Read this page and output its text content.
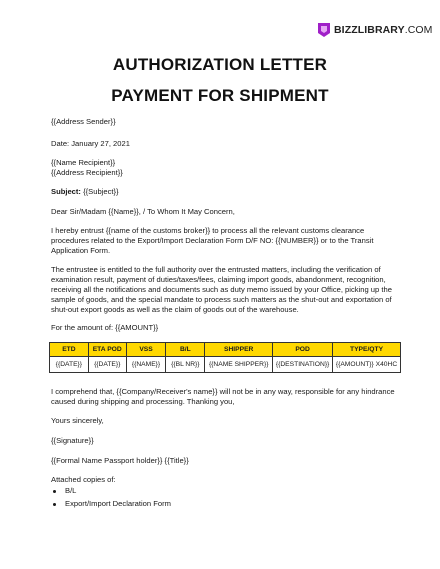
BIZZLIBRARY.COM
AUTHORIZATION LETTER
PAYMENT FOR SHIPMENT
{{Address Sender}}
Date: January 27, 2021
{{Name Recipient}}
{{Address Recipient}}
Subject: {{Subject}}
Dear Sir/Madam {{Name}}, / To Whom It May Concern,
I hereby entrust {{name of the customs broker}} to process all the relevant customs clearance procedures related to the Export/Import Declaration Form D/F NO: {{NUMBER}} or to the Transit Application Form.
The entrustee is entitled to the full authority over the entrusted matters, including the verification of examination result, payment of duties/taxes/fees, claiming import goods, abandonment, recognition, receiving all the notifications and documents such as duty memo issued by your Office, picking up the sample of goods, and the special mandate to process such matters as the shut-out and exportation of shut-out export goods as well as the claim of goods out of the warehouse.
For the amount of: {{AMOUNT}}
ETD	ETA POD	VSS	B/L	SHIPPER	POD	TYPE/QTY
{{DATE}}	{{DATE}}	{{NAME}}	{{BL NR}}	{{NAME SHIPPER}}	{{DESTINATION}}	{{AMOUNT}} X40HC
I comprehend that, {{Company/Receiver's name}} will not be in any way, responsible for any hindrance caused during shipping and processing. Thanking you,
Yours sincerely,
{{Signature}}
{{Formal Name Passport holder}} {{Title}}
Attached copies of:
B/L
Export/Import Declaration Form
